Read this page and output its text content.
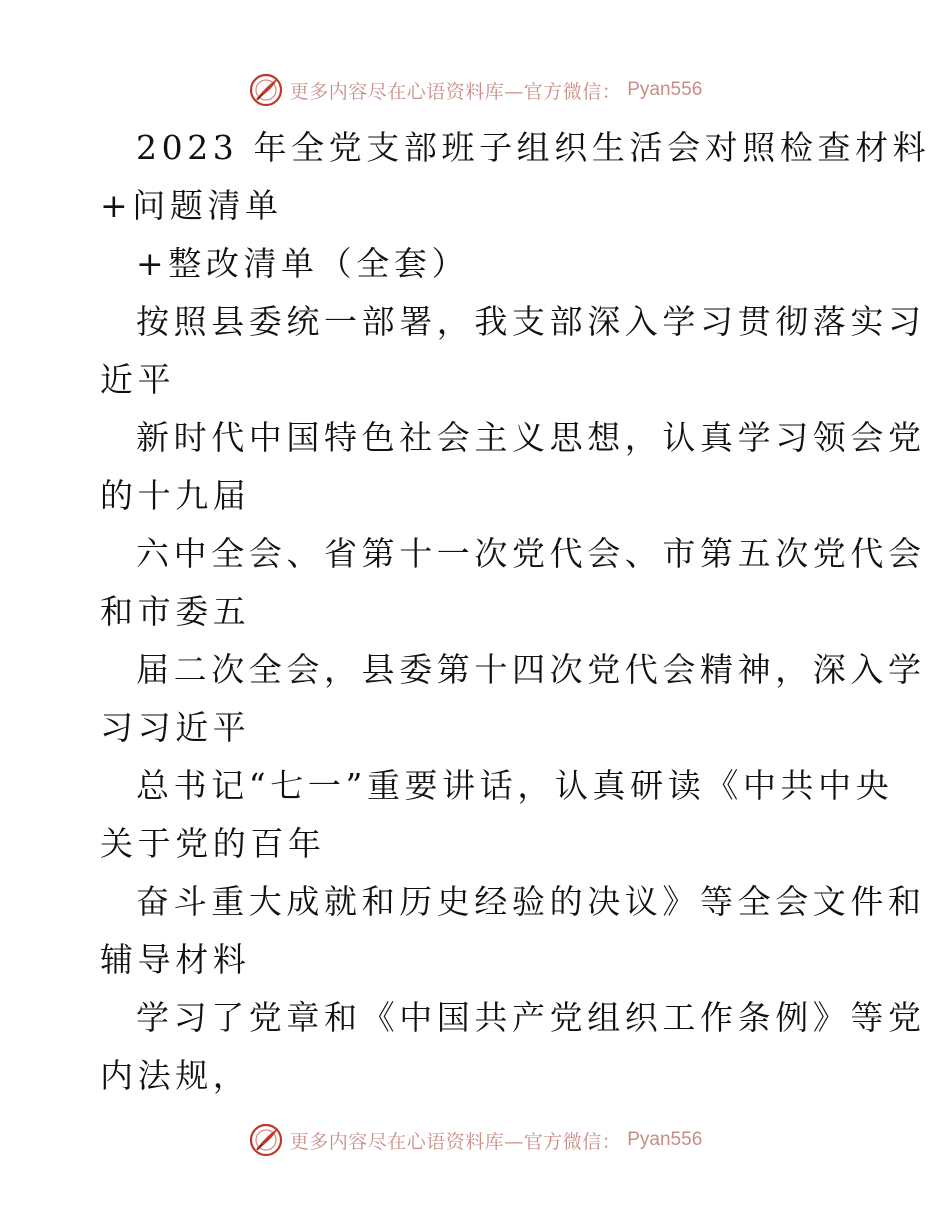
更多内容尽在心语资料库—官方微信： Pyan556
2023 年全党支部班子组织生活会对照检查材料
+问题清单
+整改清单（全套）
按照县委统一部署，我支部深入学习贯彻落实习
近平
新时代中国特色社会主义思想，认真学习领会党
的十九届
六中全会、省第十一次党代会、市第五次党代会
和市委五
届二次全会，县委第十四次党代会精神，深入学
习习近平
总书记“七一”重要讲话，认真研读《中共中央
关于党的百年
奋斗重大成就和历史经验的决议》等全会文件和
辅导材料
学习了党章和《中国共产党组织工作条例》等党
内法规，
更多内容尽在心语资料库—官方微信： Pyan556
